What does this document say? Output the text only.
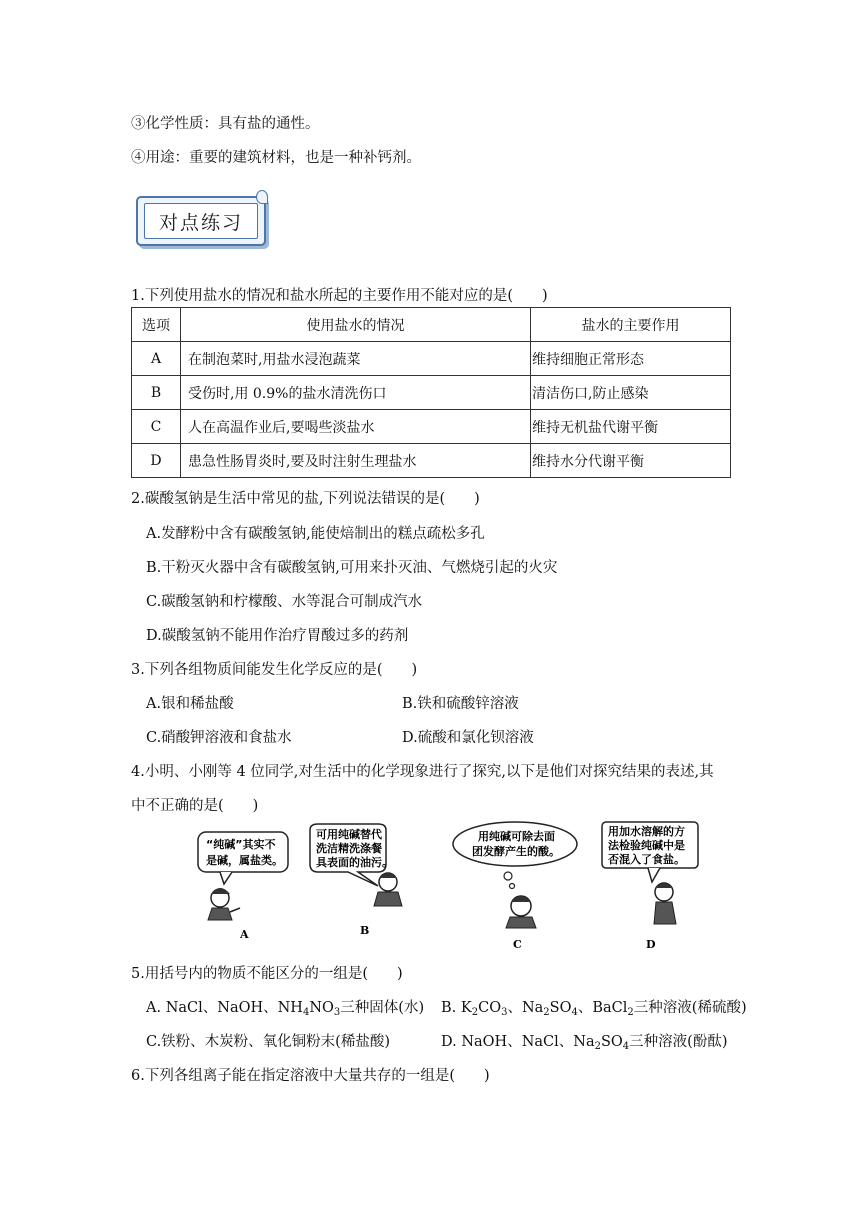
③化学性质：具有盐的通性。
④用途：重要的建筑材料，也是一种补钙剂。
对点练习
1.下列使用盐水的情况和盐水所起的主要作用不能对应的是(　　)
选项	使用盐水的情况	盐水的主要作用
A	在制泡菜时,用盐水浸泡蔬菜	维持细胞正常形态
B	受伤时,用 0.9%的盐水清洗伤口	清洁伤口,防止感染
C	人在高温作业后,要喝些淡盐水	维持无机盐代谢平衡
D	患急性肠胃炎时,要及时注射生理盐水	维持水分代谢平衡
2.碳酸氢钠是生活中常见的盐,下列说法错误的是(　　)
A.发酵粉中含有碳酸氢钠,能使焙制出的糕点疏松多孔
B.干粉灭火器中含有碳酸氢钠,可用来扑灭油、气燃烧引起的火灾
C.碳酸氢钠和柠檬酸、水等混合可制成汽水
D.碳酸氢钠不能用作治疗胃酸过多的药剂
3.下列各组物质间能发生化学反应的是(　　)
A.银和稀盐酸	B.铁和硫酸锌溶液
C.硝酸钾溶液和食盐水	D.硫酸和氯化钡溶液
4.小明、小刚等 4 位同学,对生活中的化学现象进行了探究,以下是他们对探究结果的表述,其
中不正确的是(　　)
“纯碱”其实不
是碱，属盐类。
A
可用纯碱替代
洗洁精洗涤餐
具表面的油污。
B
用纯碱可除去面
团发酵产生的酸。
C
用加水溶解的方
法检验纯碱中是
否混入了食盐。
D
5.用括号内的物质不能区分的一组是(　　)
A. NaCl、NaOH、$NH_4NO_3$三种固体(水) B. $K_2CO_3$、$Na_2SO_4$、BaCl$_2$三种溶液(稀硫酸)
C.铁粉、木炭粉、氧化铜粉末(稀盐酸)	D. NaOH、NaCl、$Na_2SO_4$三种溶液(酚酞)
6.下列各组离子能在指定溶液中大量共存的一组是(　　)
